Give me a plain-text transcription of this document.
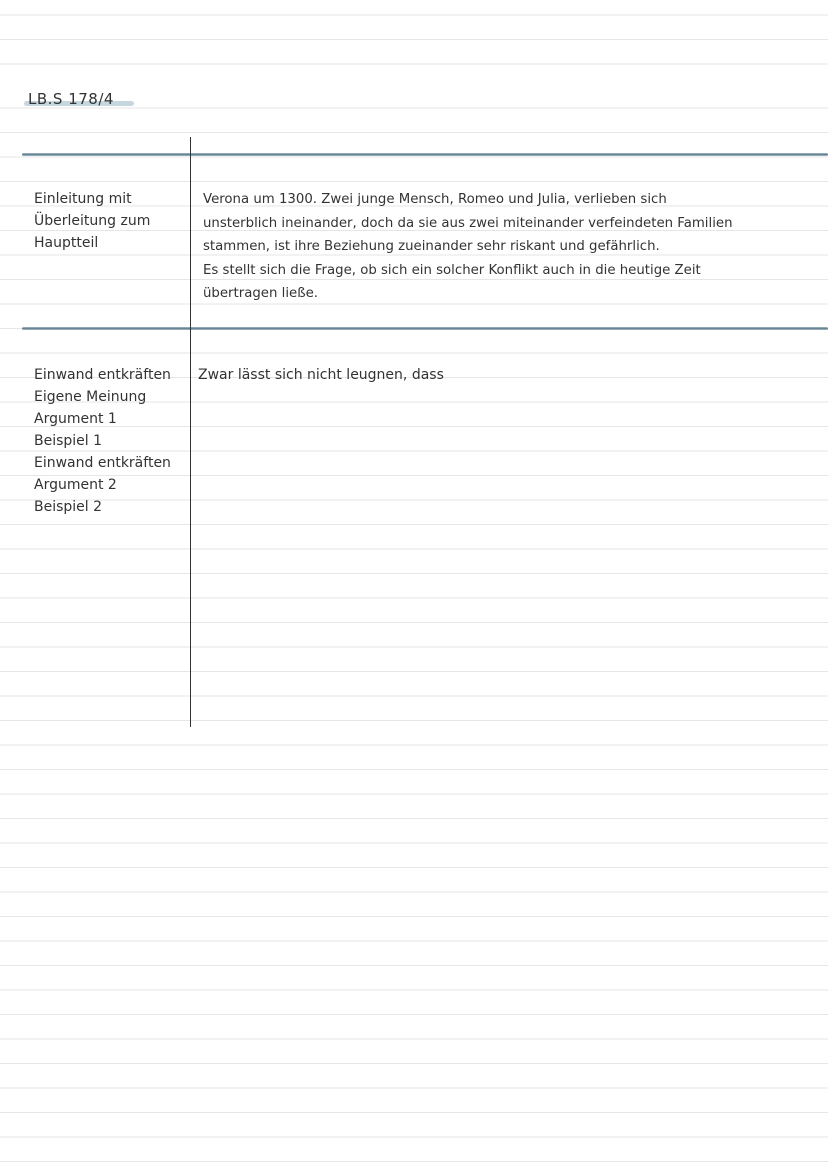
LB.S 178/4
Einleitung mit
Überleitung zum
Hauptteil

Verona um 1300. Zwei junge Mensch, Romeo und Julia, verlieben sich

unsterblich ineinander, doch da sie aus zwei miteinander verfeindeten Familien

stammen, ist ihre Beziehung zueinander sehr riskant und gefährlich.

Es stellt sich die Frage, ob sich ein solcher Konflikt auch in die heutige Zeit

übertragen ließe.

Einwand entkräften
Eigene Meinung
Argument 1
Beispiel 1
Einwand entkräften
Argument 2
Beispiel 2
Zwar lässt sich nicht leugnen, dass
